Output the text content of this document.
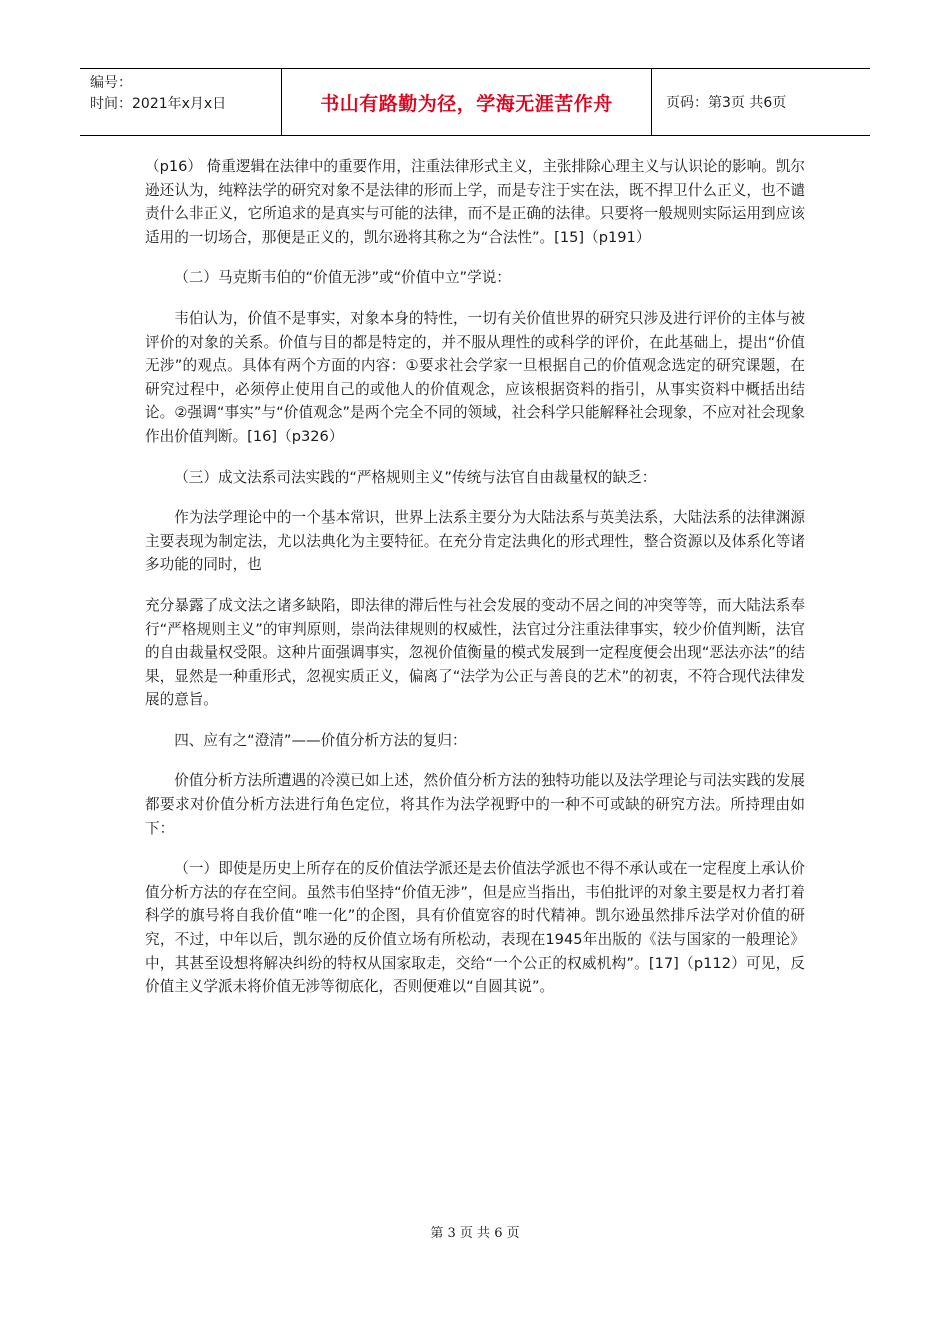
编号：
时间：2021年x月x日	书山有路勤为径，学海无涯苦作舟	页码：第3页 共6页

（p16） 倚重逻辑在法律中的重要作用，注重法律形式主义，主张排除心理主义与认识论的影响。凯尔逊还认为，纯粹法学的研究对象不是法律的形而上学，而是专注于实在法，既不捍卫什么正义，也不谴责什么非正义，它所追求的是真实与可能的法律，而不是正确的法律。只要将一般规则实际运用到应该适用的一切场合，那便是正义的，凯尔逊将其称之为“合法性”。[15]（p191）

（二）马克斯韦伯的“价值无涉”或“价值中立”学说：

韦伯认为，价值不是事实，对象本身的特性，一切有关价值世界的研究只涉及进行评价的主体与被评价的对象的关系。价值与目的都是特定的，并不服从理性的或科学的评价，在此基础上，提出“价值无涉”的观点。具体有两个方面的内容：①要求社会学家一旦根据自己的价值观念选定的研究课题，在研究过程中，必须停止使用自己的或他人的价值观念，应该根据资料的指引，从事实资料中概括出结论。②强调“事实”与“价值观念”是两个完全不同的领域，社会科学只能解释社会现象，不应对社会现象作出价值判断。[16]（p326）

（三）成文法系司法实践的“严格规则主义”传统与法官自由裁量权的缺乏：

作为法学理论中的一个基本常识，世界上法系主要分为大陆法系与英美法系，大陆法系的法律渊源主要表现为制定法，尤以法典化为主要特征。在充分肯定法典化的形式理性，整合资源以及体系化等诸多功能的同时，也

充分暴露了成文法之诸多缺陷，即法律的滞后性与社会发展的变动不居之间的冲突等等，而大陆法系奉行“严格规则主义”的审判原则，崇尚法律规则的权威性，法官过分注重法律事实，较少价值判断，法官的自由裁量权受限。这种片面强调事实，忽视价值衡量的模式发展到一定程度便会出现“恶法亦法”的结果，显然是一种重形式，忽视实质正义，偏离了“法学为公正与善良的艺术”的初衷，不符合现代法律发展的意旨。

四、应有之“澄清”——价值分析方法的复归：

价值分析方法所遭遇的冷漠已如上述，然价值分析方法的独特功能以及法学理论与司法实践的发展都要求对价值分析方法进行角色定位，将其作为法学视野中的一种不可或缺的研究方法。所持理由如下：

（一）即使是历史上所存在的反价值法学派还是去价值法学派也不得不承认或在一定程度上承认价值分析方法的存在空间。虽然韦伯坚持“价值无涉”，但是应当指出，韦伯批评的对象主要是权力者打着科学的旗号将自我价值“唯一化”的企图，具有价值宽容的时代精神。凯尔逊虽然排斥法学对价值的研究，不过，中年以后，凯尔逊的反价值立场有所松动，表现在1945年出版的《法与国家的一般理论》中，其甚至设想将解决纠纷的特权从国家取走，交给“一个公正的权威机构”。[17]（p112）可见，反价值主义学派未将价值无涉等彻底化，否则便难以“自圆其说”。

第 3 页 共 6 页
